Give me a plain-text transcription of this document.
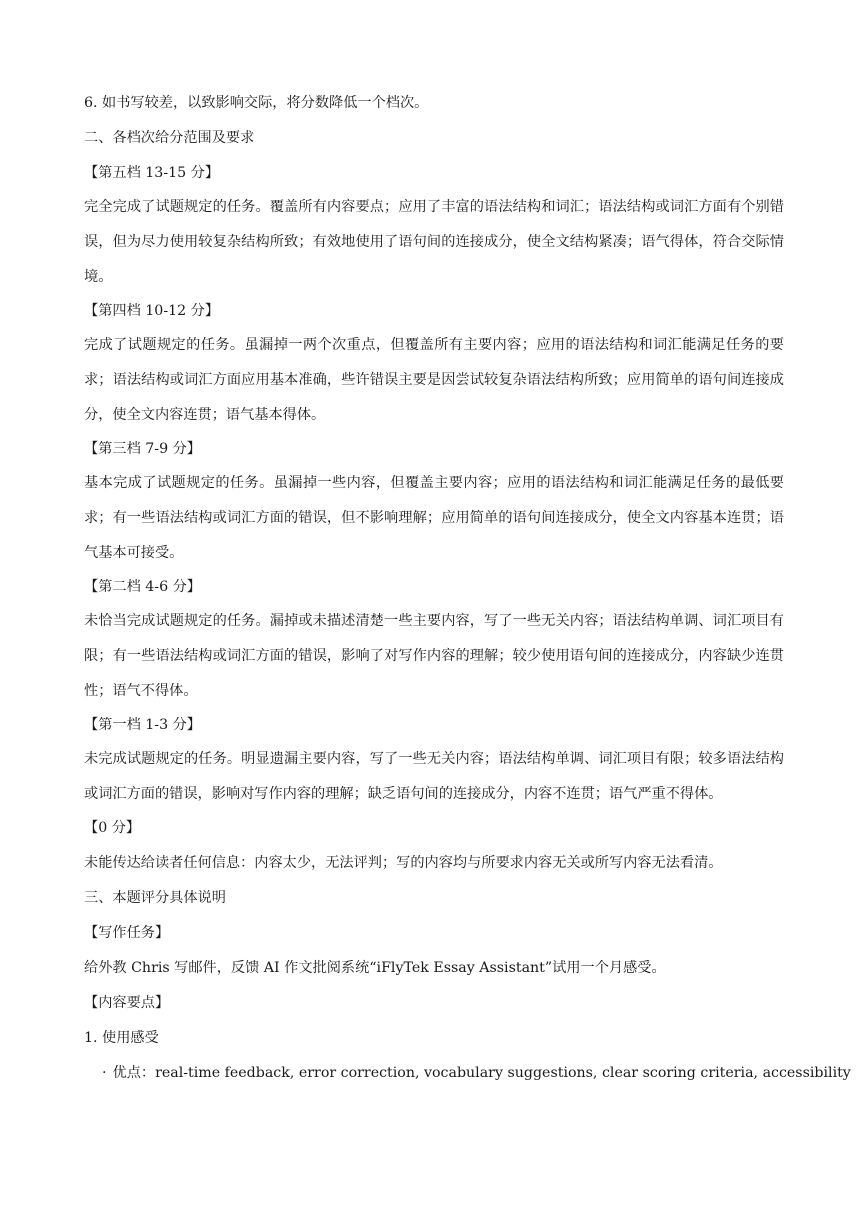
6. 如书写较差，以致影响交际，将分数降低一个档次。

二、各档次给分范围及要求

【第五档 13-15 分】

完全完成了试题规定的任务。覆盖所有内容要点；应用了丰富的语法结构和词汇；语法结构或词汇方面有个别错误，但为尽力使用较复杂结构所致；有效地使用了语句间的连接成分，使全文结构紧凑；语气得体，符合交际情境。

【第四档 10-12 分】

完成了试题规定的任务。虽漏掉一两个次重点，但覆盖所有主要内容；应用的语法结构和词汇能满足任务的要求；语法结构或词汇方面应用基本准确，些许错误主要是因尝试较复杂语法结构所致；应用简单的语句间连接成分，使全文内容连贯；语气基本得体。

【第三档 7-9 分】

基本完成了试题规定的任务。虽漏掉一些内容，但覆盖主要内容；应用的语法结构和词汇能满足任务的最低要求；有一些语法结构或词汇方面的错误，但不影响理解；应用简单的语句间连接成分，使全文内容基本连贯；语气基本可接受。

【第二档 4-6 分】

未恰当完成试题规定的任务。漏掉或未描述清楚一些主要内容，写了一些无关内容；语法结构单调、词汇项目有限；有一些语法结构或词汇方面的错误，影响了对写作内容的理解；较少使用语句间的连接成分，内容缺少连贯性；语气不得体。

【第一档 1-3 分】

未完成试题规定的任务。明显遗漏主要内容，写了一些无关内容；语法结构单调、词汇项目有限；较多语法结构或词汇方面的错误，影响对写作内容的理解；缺乏语句间的连接成分，内容不连贯；语气严重不得体。

【0 分】

未能传达给读者任何信息：内容太少，无法评判；写的内容均与所要求内容无关或所写内容无法看清。

三、本题评分具体说明

【写作任务】

给外教 Chris 写邮件，反馈 AI 作文批阅系统“iFlyTek Essay Assistant”试用一个月感受。

【内容要点】

1. 使用感受

· 优点：real-time feedback, error correction, vocabulary suggestions, clear scoring criteria, accessibility
